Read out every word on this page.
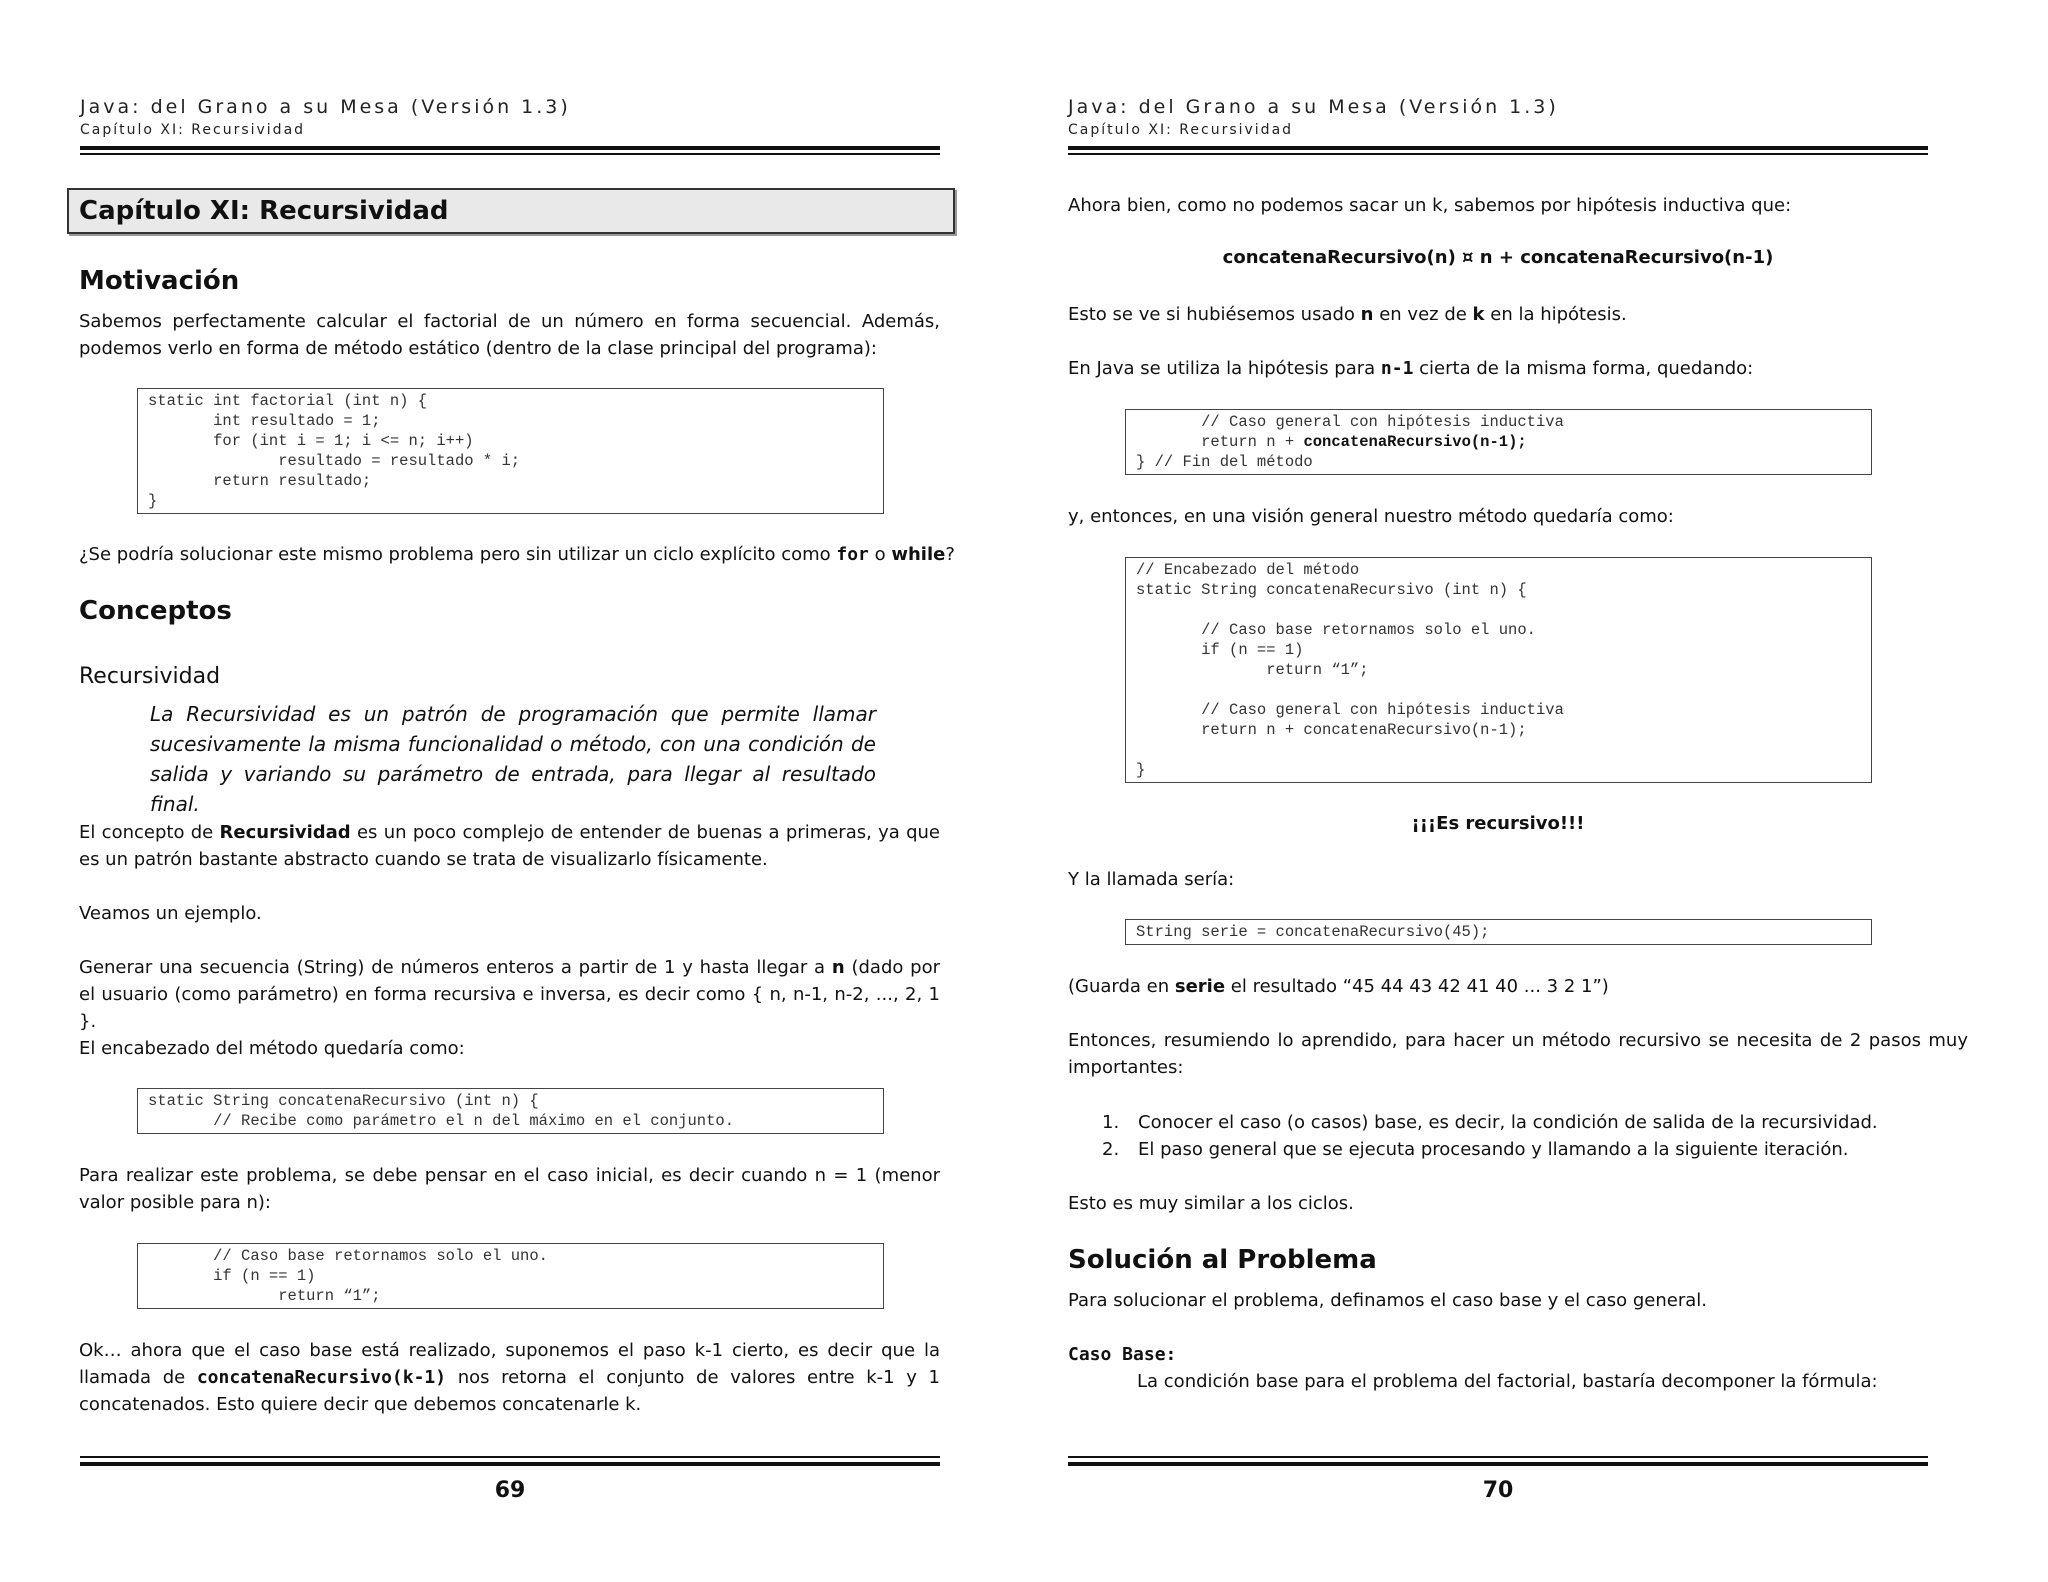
Java: del Grano a su Mesa (Versión 1.3)
Capítulo XI: Recursividad
Capítulo XI: Recursividad
Motivación
Sabemos perfectamente calcular el factorial de un número en forma secuencial. Además, podemos verlo en forma de método estático (dentro de la clase principal del programa):
static int factorial (int n) {
int resultado = 1;
for (int i = 1; i <= n; i++)
resultado = resultado * i;
return resultado;
}
¿Se podría solucionar este mismo problema pero sin utilizar un ciclo explícito como for o while?
Conceptos
Recursividad
La Recursividad es un patrón de programación que permite llamar sucesivamente la misma funcionalidad o método, con una condición de salida y variando su parámetro de entrada, para llegar al resultado final.
El concepto de Recursividad es un poco complejo de entender de buenas a primeras, ya que es un patrón bastante abstracto cuando se trata de visualizarlo físicamente.
Veamos un ejemplo.
Generar una secuencia (String) de números enteros a partir de 1 y hasta llegar a n (dado por el usuario (como parámetro) en forma recursiva e inversa, es decir como { n, n-1, n-2, ..., 2, 1 }.
El encabezado del método quedaría como:
static String concatenaRecursivo (int n) {
// Recibe como parámetro el n del máximo en el conjunto.
Para realizar este problema, se debe pensar en el caso inicial, es decir cuando n = 1 (menor valor posible para n):
// Caso base retornamos solo el uno.
if (n == 1)
return “1”;
Ok… ahora que el caso base está realizado, suponemos el paso k-1 cierto, es decir que la llamada de concatenaRecursivo(k-1) nos retorna el conjunto de valores entre k-1 y 1 concatenados. Esto quiere decir que debemos concatenarle k.
69
Java: del Grano a su Mesa (Versión 1.3)
Capítulo XI: Recursividad
Ahora bien, como no podemos sacar un k, sabemos por hipótesis inductiva que:
concatenaRecursivo(n) ¤ n + concatenaRecursivo(n-1)
Esto se ve si hubiésemos usado n en vez de k en la hipótesis.
En Java se utiliza la hipótesis para n-1 cierta de la misma forma, quedando:
// Caso general con hipótesis inductiva
return n + concatenaRecursivo(n-1);
} // Fin del método
y, entonces, en una visión general nuestro método quedaría como:
// Encabezado del método
static String concatenaRecursivo (int n) {

// Caso base retornamos solo el uno.
if (n == 1)
return “1”;

// Caso general con hipótesis inductiva
return n + concatenaRecursivo(n-1);

}
¡¡¡Es recursivo!!!
Y la llamada sería:
String serie = concatenaRecursivo(45);
(Guarda en serie el resultado “45 44 43 42 41 40 ... 3 2 1”)
Entonces, resumiendo lo aprendido, para hacer un método recursivo se necesita de 2 pasos muy importantes:
1. Conocer el caso (o casos) base, es decir, la condición de salida de la recursividad.
2. El paso general que se ejecuta procesando y llamando a la siguiente iteración.
Esto es muy similar a los ciclos.
Solución al Problema
Para solucionar el problema, definamos el caso base y el caso general.
Caso Base:
La condición base para el problema del factorial, bastaría decomponer la fórmula:
70
